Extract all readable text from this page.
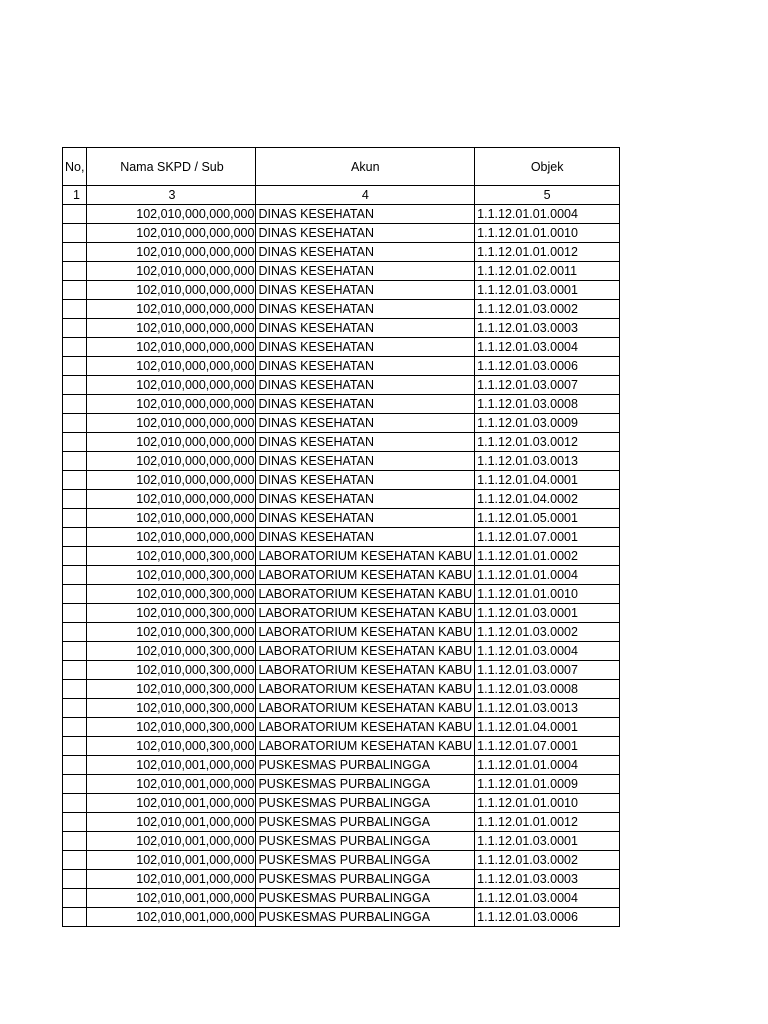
No,	Nama SKPD / Sub	Akun	Objek
1	3	4	5
	102,010,000,000,000	DINAS KESEHATAN	1.1.12.01.01.0004
	102,010,000,000,000	DINAS KESEHATAN	1.1.12.01.01.0010
	102,010,000,000,000	DINAS KESEHATAN	1.1.12.01.01.0012
	102,010,000,000,000	DINAS KESEHATAN	1.1.12.01.02.0011
	102,010,000,000,000	DINAS KESEHATAN	1.1.12.01.03.0001
	102,010,000,000,000	DINAS KESEHATAN	1.1.12.01.03.0002
	102,010,000,000,000	DINAS KESEHATAN	1.1.12.01.03.0003
	102,010,000,000,000	DINAS KESEHATAN	1.1.12.01.03.0004
	102,010,000,000,000	DINAS KESEHATAN	1.1.12.01.03.0006
	102,010,000,000,000	DINAS KESEHATAN	1.1.12.01.03.0007
	102,010,000,000,000	DINAS KESEHATAN	1.1.12.01.03.0008
	102,010,000,000,000	DINAS KESEHATAN	1.1.12.01.03.0009
	102,010,000,000,000	DINAS KESEHATAN	1.1.12.01.03.0012
	102,010,000,000,000	DINAS KESEHATAN	1.1.12.01.03.0013
	102,010,000,000,000	DINAS KESEHATAN	1.1.12.01.04.0001
	102,010,000,000,000	DINAS KESEHATAN	1.1.12.01.04.0002
	102,010,000,000,000	DINAS KESEHATAN	1.1.12.01.05.0001
	102,010,000,000,000	DINAS KESEHATAN	1.1.12.01.07.0001
	102,010,000,300,000	LABORATORIUM KESEHATAN KABU	1.1.12.01.01.0002
	102,010,000,300,000	LABORATORIUM KESEHATAN KABU	1.1.12.01.01.0004
	102,010,000,300,000	LABORATORIUM KESEHATAN KABU	1.1.12.01.01.0010
	102,010,000,300,000	LABORATORIUM KESEHATAN KABU	1.1.12.01.03.0001
	102,010,000,300,000	LABORATORIUM KESEHATAN KABU	1.1.12.01.03.0002
	102,010,000,300,000	LABORATORIUM KESEHATAN KABU	1.1.12.01.03.0004
	102,010,000,300,000	LABORATORIUM KESEHATAN KABU	1.1.12.01.03.0007
	102,010,000,300,000	LABORATORIUM KESEHATAN KABU	1.1.12.01.03.0008
	102,010,000,300,000	LABORATORIUM KESEHATAN KABU	1.1.12.01.03.0013
	102,010,000,300,000	LABORATORIUM KESEHATAN KABU	1.1.12.01.04.0001
	102,010,000,300,000	LABORATORIUM KESEHATAN KABU	1.1.12.01.07.0001
	102,010,001,000,000	PUSKESMAS PURBALINGGA	1.1.12.01.01.0004
	102,010,001,000,000	PUSKESMAS PURBALINGGA	1.1.12.01.01.0009
	102,010,001,000,000	PUSKESMAS PURBALINGGA	1.1.12.01.01.0010
	102,010,001,000,000	PUSKESMAS PURBALINGGA	1.1.12.01.01.0012
	102,010,001,000,000	PUSKESMAS PURBALINGGA	1.1.12.01.03.0001
	102,010,001,000,000	PUSKESMAS PURBALINGGA	1.1.12.01.03.0002
	102,010,001,000,000	PUSKESMAS PURBALINGGA	1.1.12.01.03.0003
	102,010,001,000,000	PUSKESMAS PURBALINGGA	1.1.12.01.03.0004
	102,010,001,000,000	PUSKESMAS PURBALINGGA	1.1.12.01.03.0006
